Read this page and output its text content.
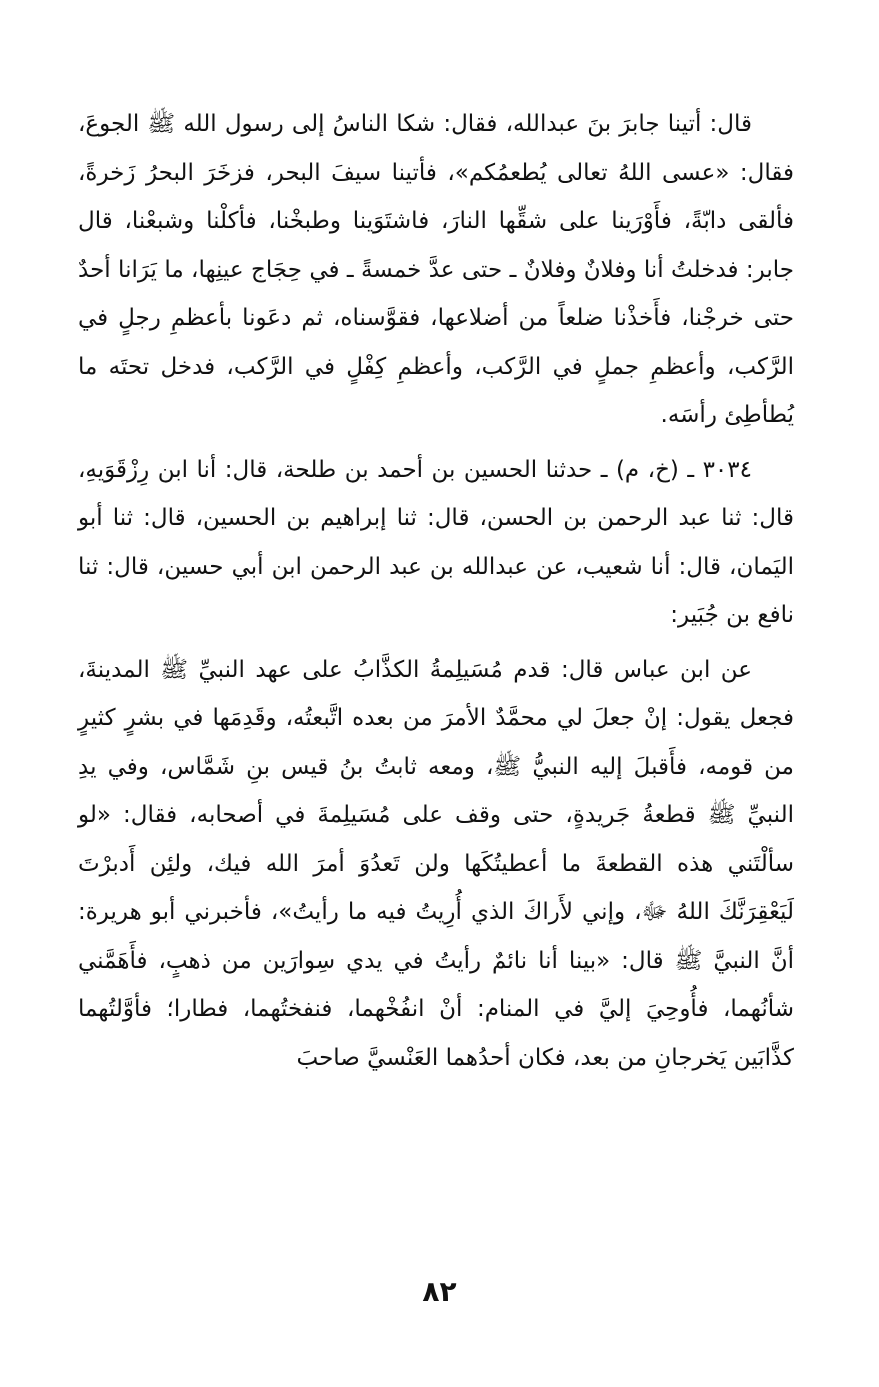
قال: أتينا جابرَ بنَ عبدالله، فقال: شكا الناسُ إلى رسول الله ﷺ الجوعَ، فقال: «عسى اللهُ تعالى يُطعمُكم»، فأتينا سيفَ البحر، فزخَرَ البحرُ زَخرةً، فألقى دابّةً، فأَوْرَينا على شقِّها النارَ، فاشتَوَينا وطبخْنا، فأكلْنا وشبعْنا، قال جابر: فدخلتُ أنا وفلانٌ وفلانٌ ـ حتى عدَّ خمسةً ـ في حِجَاج عينِها، ما يَرَانا أحدٌ حتى خرجْنا، فأَخذْنا ضلعاً من أضلاعها، فقوَّسناه، ثم دعَونا بأعظمِ رجلٍ في الرَّكب، وأعظمِ جملٍ في الرَّكب، وأعظمِ كِفْلٍ في الرَّكب، فدخل تحتَه ما يُطأطِئ رأسَه.

٣٠٣٤ ـ (خ، م) ـ حدثنا الحسين بن أحمد بن طلحة، قال: أنا ابن رِزْقَوَيهِ، قال: ثنا عبد الرحمن بن الحسن، قال: ثنا إبراهيم بن الحسين، قال: ثنا أبو اليَمان، قال: أنا شعيب، عن عبدالله بن عبد الرحمن ابن أبي حسين، قال: ثنا نافع بن جُبَير:

عن ابن عباس قال: قدم مُسَيلِمةُ الكذَّابُ على عهد النبيِّ ﷺ المدينةَ، فجعل يقول: إنْ جعلَ لي محمَّدٌ الأمرَ من بعده اتَّبعتُه، وقَدِمَها في بشرٍ كثيرٍ من قومه، فأَقبلَ إليه النبيُّ ﷺ، ومعه ثابتُ بنُ قيس بنِ شَمَّاس، وفي يدِ النبيِّ ﷺ قطعةُ جَريدةٍ، حتى وقف على مُسَيلِمةَ في أصحابه، فقال: «لو سألْتَني هذه القطعةَ ما أعطيتُكَها ولن تَعدُوَ أمرَ الله فيك، ولئِن أَدبرْتَ لَيَعْقِرَنَّكَ اللهُ ﷻ، وإني لأَراكَ الذي أُرِيتُ فيه ما رأيتُ»، فأخبرني أبو هريرة: أنَّ النبيَّ ﷺ قال: «بينا أنا نائمٌ رأيتُ في يدي سِوارَين من ذهبٍ، فأَهَمَّني شأنُهما، فأُوحِيَ إليَّ في المنام: أنْ انفُخْهما، فنفختُهما، فطارا؛ فأوَّلتُهما كذَّابَين يَخرجانِ من بعد، فكان أحدُهما العَنْسيَّ صاحبَ

٨٢
